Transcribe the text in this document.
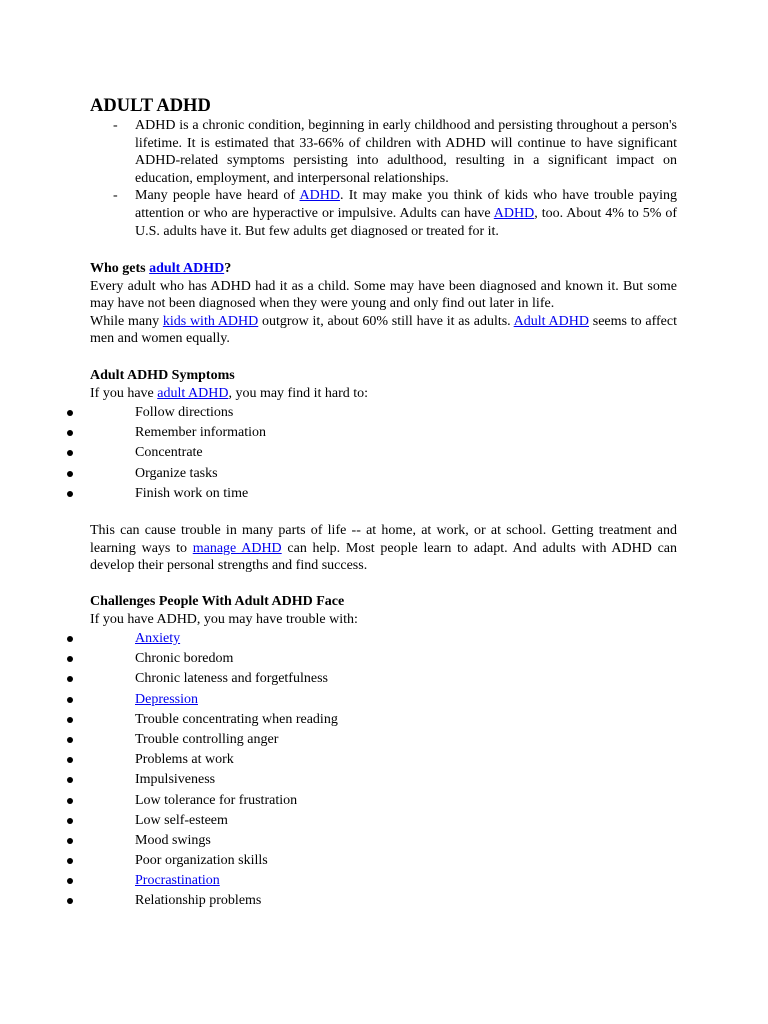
ADULT ADHD
- ADHD is a chronic condition, beginning in early childhood and persisting throughout a person's lifetime. It is estimated that 33-66% of children with ADHD will continue to have significant ADHD-related symptoms persisting into adulthood, resulting in a significant impact on education, employment, and interpersonal relationships.
- Many people have heard of ADHD. It may make you think of kids who have trouble paying attention or who are hyperactive or impulsive. Adults can have ADHD, too. About 4% to 5% of U.S. adults have it. But few adults get diagnosed or treated for it.
Who gets adult ADHD?
Every adult who has ADHD had it as a child. Some may have been diagnosed and known it. But some may have not been diagnosed when they were young and only find out later in life.
While many kids with ADHD outgrow it, about 60% still have it as adults. Adult ADHD seems to affect men and women equally.
Adult ADHD Symptoms
If you have adult ADHD, you may find it hard to:
Follow directions
Remember information
Concentrate
Organize tasks
Finish work on time
This can cause trouble in many parts of life -- at home, at work, or at school. Getting treatment and learning ways to manage ADHD can help. Most people learn to adapt. And adults with ADHD can develop their personal strengths and find success.
Challenges People With Adult ADHD Face
If you have ADHD, you may have trouble with:
Anxiety
Chronic boredom
Chronic lateness and forgetfulness
Depression
Trouble concentrating when reading
Trouble controlling anger
Problems at work
Impulsiveness
Low tolerance for frustration
Low self-esteem
Mood swings
Poor organization skills
Procrastination
Relationship problems
